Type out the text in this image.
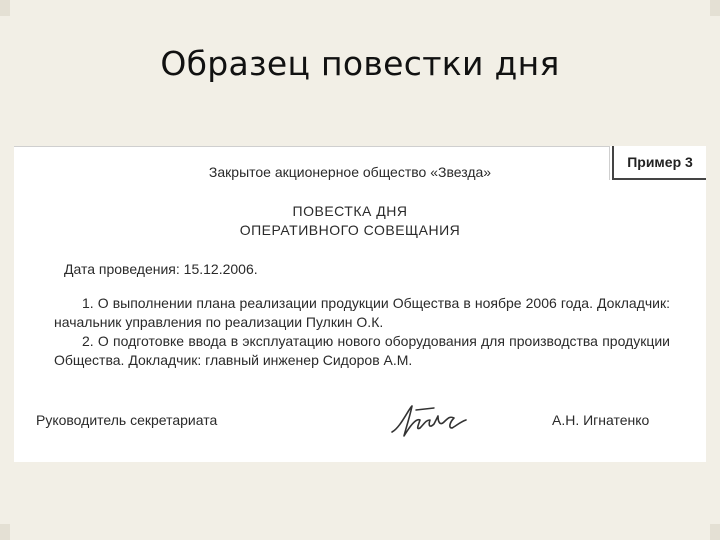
Образец повестки дня
Пример 3
Закрытое акционерное общество «Звезда»
ПОВЕСТКА ДНЯ
ОПЕРАТИВНОГО СОВЕЩАНИЯ
Дата проведения: 15.12.2006.

1. О выполнении плана реализации продукции Общества в ноябре 2006 года. Докладчик: начальник управления по реализации Пулкин О.К.

2. О подготовке ввода в эксплуатацию нового оборудования для производства продукции Общества. Докладчик: главный инженер Сидоров А.М.

Руководитель секретариата	А.Н. Игнатенко
